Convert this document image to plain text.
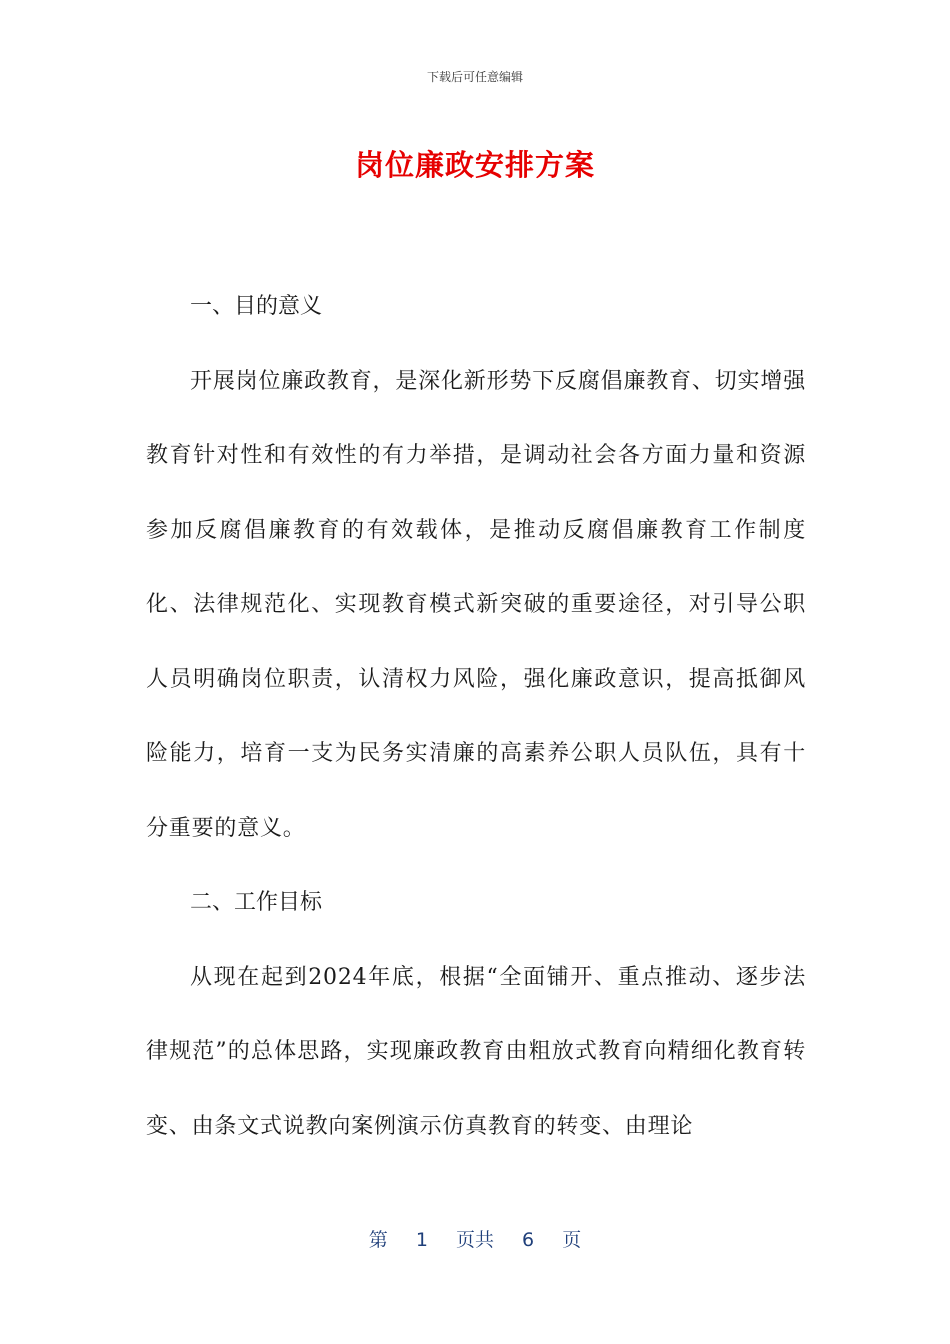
下载后可任意编辑
岗位廉政安排方案

一、目的意义

开展岗位廉政教育，是深化新形势下反腐倡廉教育、切实增强教育针对性和有效性的有力举措，是调动社会各方面力量和资源参加反腐倡廉教育的有效载体，是推动反腐倡廉教育工作制度化、法律规范化、实现教育模式新突破的重要途径，对引导公职人员明确岗位职责，认清权力风险，强化廉政意识，提高抵御风险能力，培育一支为民务实清廉的高素养公职人员队伍，具有十分重要的意义。

二、工作目标

从现在起到2024年底，根据“全面铺开、重点推动、逐步法律规范”的总体思路，实现廉政教育由粗放式教育向精细化教育转变、由条文式说教向案例演示仿真教育的转变、由理论

第 1 页共 6 页
